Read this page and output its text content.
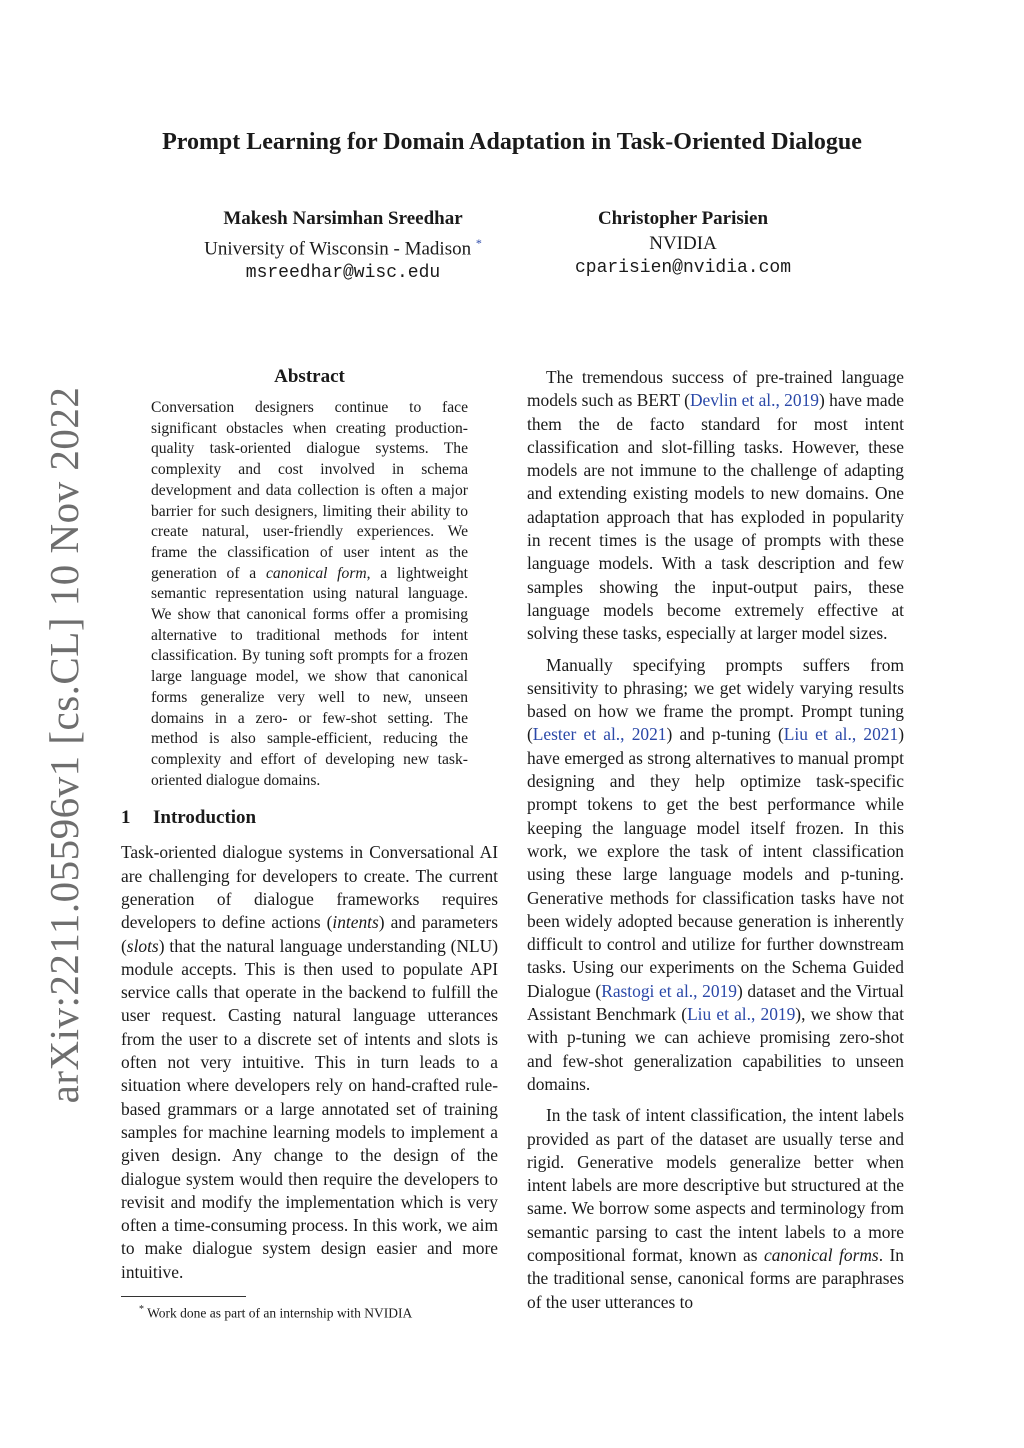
arXiv:2211.05596v1 [cs.CL] 10 Nov 2022
Prompt Learning for Domain Adaptation in Task-Oriented Dialogue
Makesh Narsimhan Sreedhar
University of Wisconsin - Madison *
msreedhar@wisc.edu
Christopher Parisien
NVIDIA
cparisien@nvidia.com
Abstract
Conversation designers continue to face significant obstacles when creating production-quality task-oriented dialogue systems. The complexity and cost involved in schema development and data collection is often a major barrier for such designers, limiting their ability to create natural, user-friendly experiences. We frame the classification of user intent as the generation of a canonical form, a lightweight semantic representation using natural language. We show that canonical forms offer a promising alternative to traditional methods for intent classification. By tuning soft prompts for a frozen large language model, we show that canonical forms generalize very well to new, unseen domains in a zero- or few-shot setting. The method is also sample-efficient, reducing the complexity and effort of developing new task-oriented dialogue domains.
1 Introduction

Task-oriented dialogue systems in Conversational AI are challenging for developers to create. The current generation of dialogue frameworks requires developers to define actions (intents) and parameters (slots) that the natural language understanding (NLU) module accepts. This is then used to populate API service calls that operate in the backend to fulfill the user request. Casting natural language utterances from the user to a discrete set of intents and slots is often not very intuitive. This in turn leads to a situation where developers rely on hand-crafted rule-based grammars or a large annotated set of training samples for machine learning models to implement a given design. Any change to the design of the dialogue system would then require the developers to revisit and modify the implementation which is very often a time-consuming process. In this work, we aim to make dialogue system design easier and more intuitive.

* Work done as part of an internship with NVIDIA

The tremendous success of pre-trained language models such as BERT (Devlin et al., 2019) have made them the de facto standard for most intent classification and slot-filling tasks. However, these models are not immune to the challenge of adapting and extending existing models to new domains. One adaptation approach that has exploded in popularity in recent times is the usage of prompts with these language models. With a task description and few samples showing the input-output pairs, these language models become extremely effective at solving these tasks, especially at larger model sizes.

Manually specifying prompts suffers from sensitivity to phrasing; we get widely varying results based on how we frame the prompt. Prompt tuning (Lester et al., 2021) and p-tuning (Liu et al., 2021) have emerged as strong alternatives to manual prompt designing and they help optimize task-specific prompt tokens to get the best performance while keeping the language model itself frozen. In this work, we explore the task of intent classification using these large language models and p-tuning. Generative methods for classification tasks have not been widely adopted because generation is inherently difficult to control and utilize for further downstream tasks. Using our experiments on the Schema Guided Dialogue (Rastogi et al., 2019) dataset and the Virtual Assistant Benchmark (Liu et al., 2019), we show that with p-tuning we can achieve promising zero-shot and few-shot generalization capabilities to unseen domains.

In the task of intent classification, the intent labels provided as part of the dataset are usually terse and rigid. Generative models generalize better when intent labels are more descriptive but structured at the same. We borrow some aspects and terminology from semantic parsing to cast the intent labels to a more compositional format, known as canonical forms. In the traditional sense, canonical forms are paraphrases of the user utterances to
